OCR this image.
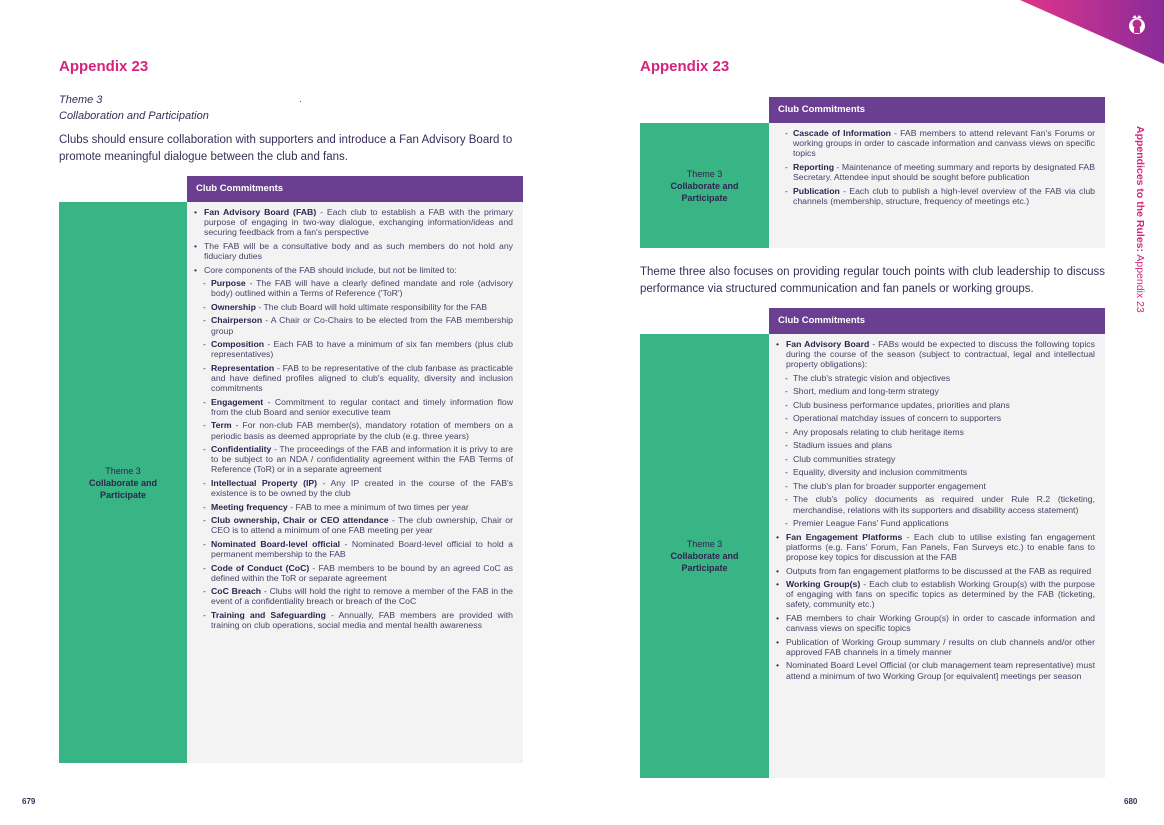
Appendix 23
Theme 3
Collaboration and Participation
Clubs should ensure collaboration with supporters and introduce a Fan Advisory Board to promote meaningful dialogue between the club and fans.
Club Commitments
Theme 3
Collaborate and
Participate
• Fan Advisory Board (FAB) - Each club to establish a FAB with the primary purpose of engaging in two-way dialogue, exchanging information/ideas and securing feedback from a fan's perspective
• The FAB will be a consultative body and as such members do not hold any fiduciary duties
• Core components of the FAB should include, but not be limited to:
- Purpose - The FAB will have a clearly defined mandate and role (advisory body) outlined within a Terms of Reference ('ToR')
- Ownership - The club Board will hold ultimate responsibility for the FAB
- Chairperson - A Chair or Co-Chairs to be elected from the FAB membership group
- Composition - Each FAB to have a minimum of six fan members (plus club representatives)
- Representation - FAB to be representative of the club fanbase as practicable and have defined profiles aligned to club's equality, diversity and inclusion commitments
- Engagement - Commitment to regular contact and timely information flow from the club Board and senior executive team
- Term - For non-club FAB member(s), mandatory rotation of members on a periodic basis as deemed appropriate by the club (e.g. three years)
- Confidentiality - The proceedings of the FAB and information it is privy to are to be subject to an NDA / confidentiality agreement within the FAB Terms of Reference (ToR) or in a separate agreement
- Intellectual Property (IP) - Any IP created in the course of the FAB's existence is to be owned by the club
- Meeting frequency - FAB to mee a minimum of two times per year
- Club ownership, Chair or CEO attendance - The club ownership, Chair or CEO is to attend a minimum of one FAB meeting per year
- Nominated Board-level official - Nominated Board-level official to hold a permanent membership to the FAB
- Code of Conduct (CoC) - FAB members to be bound by an agreed CoC as defined within the ToR or separate agreement
- CoC Breach - Clubs will hold the right to remove a member of the FAB in the event of a confidentiality breach or breach of the CoC
- Training and Safeguarding - Annually, FAB members are provided with training on club operations, social media and mental health awareness
679
Appendix 23
Club Commitments
Theme 3
Collaborate and
Participate
- Cascade of Information - FAB members to attend relevant Fan's Forums or working groups in order to cascade information and canvass views on specific topics
- Reporting - Maintenance of meeting summary and reports by designated FAB Secretary. Attendee input should be sought before publication
- Publication - Each club to publish a high-level overview of the FAB via club channels (membership, structure, frequency of meetings etc.)
Theme three also focuses on providing regular touch points with club leadership to discuss performance via structured communication and fan panels or working groups.
Club Commitments
Theme 3
Collaborate and
Participate
• Fan Advisory Board - FABs would be expected to discuss the following topics during the course of the season (subject to contractual, legal and intellectual property obligations):
- The club's strategic vision and objectives
- Short, medium and long-term strategy
- Club business performance updates, priorities and plans
- Operational matchday issues of concern to supporters
- Any proposals relating to club heritage items
- Stadium issues and plans
- Club communities strategy
- Equality, diversity and inclusion commitments
- The club's plan for broader supporter engagement
- The club's policy documents as required under Rule R.2 (ticketing, merchandise, relations with its supporters and disability access statement)
- Premier League Fans' Fund applications
• Fan Engagement Platforms - Each club to utilise existing fan engagement platforms (e.g. Fans' Forum, Fan Panels, Fan Surveys etc.) to enable fans to propose key topics for discussion at the FAB
• Outputs from fan engagement platforms to be discussed at the FAB as required
• Working Group(s) - Each club to establish Working Group(s) with the purpose of engaging with fans on specific topics as determined by the FAB (ticketing, safety, community etc.)
• FAB members to chair Working Group(s) in order to cascade information and canvass views on specific topics
• Publication of Working Group summary / results on club channels and/or other approved FAB channels in a timely manner
• Nominated Board Level Official (or club management team representative) must attend a minimum of two Working Group [or equivalent] meetings per season
Appendices to the Rules: Appendix 23
680
